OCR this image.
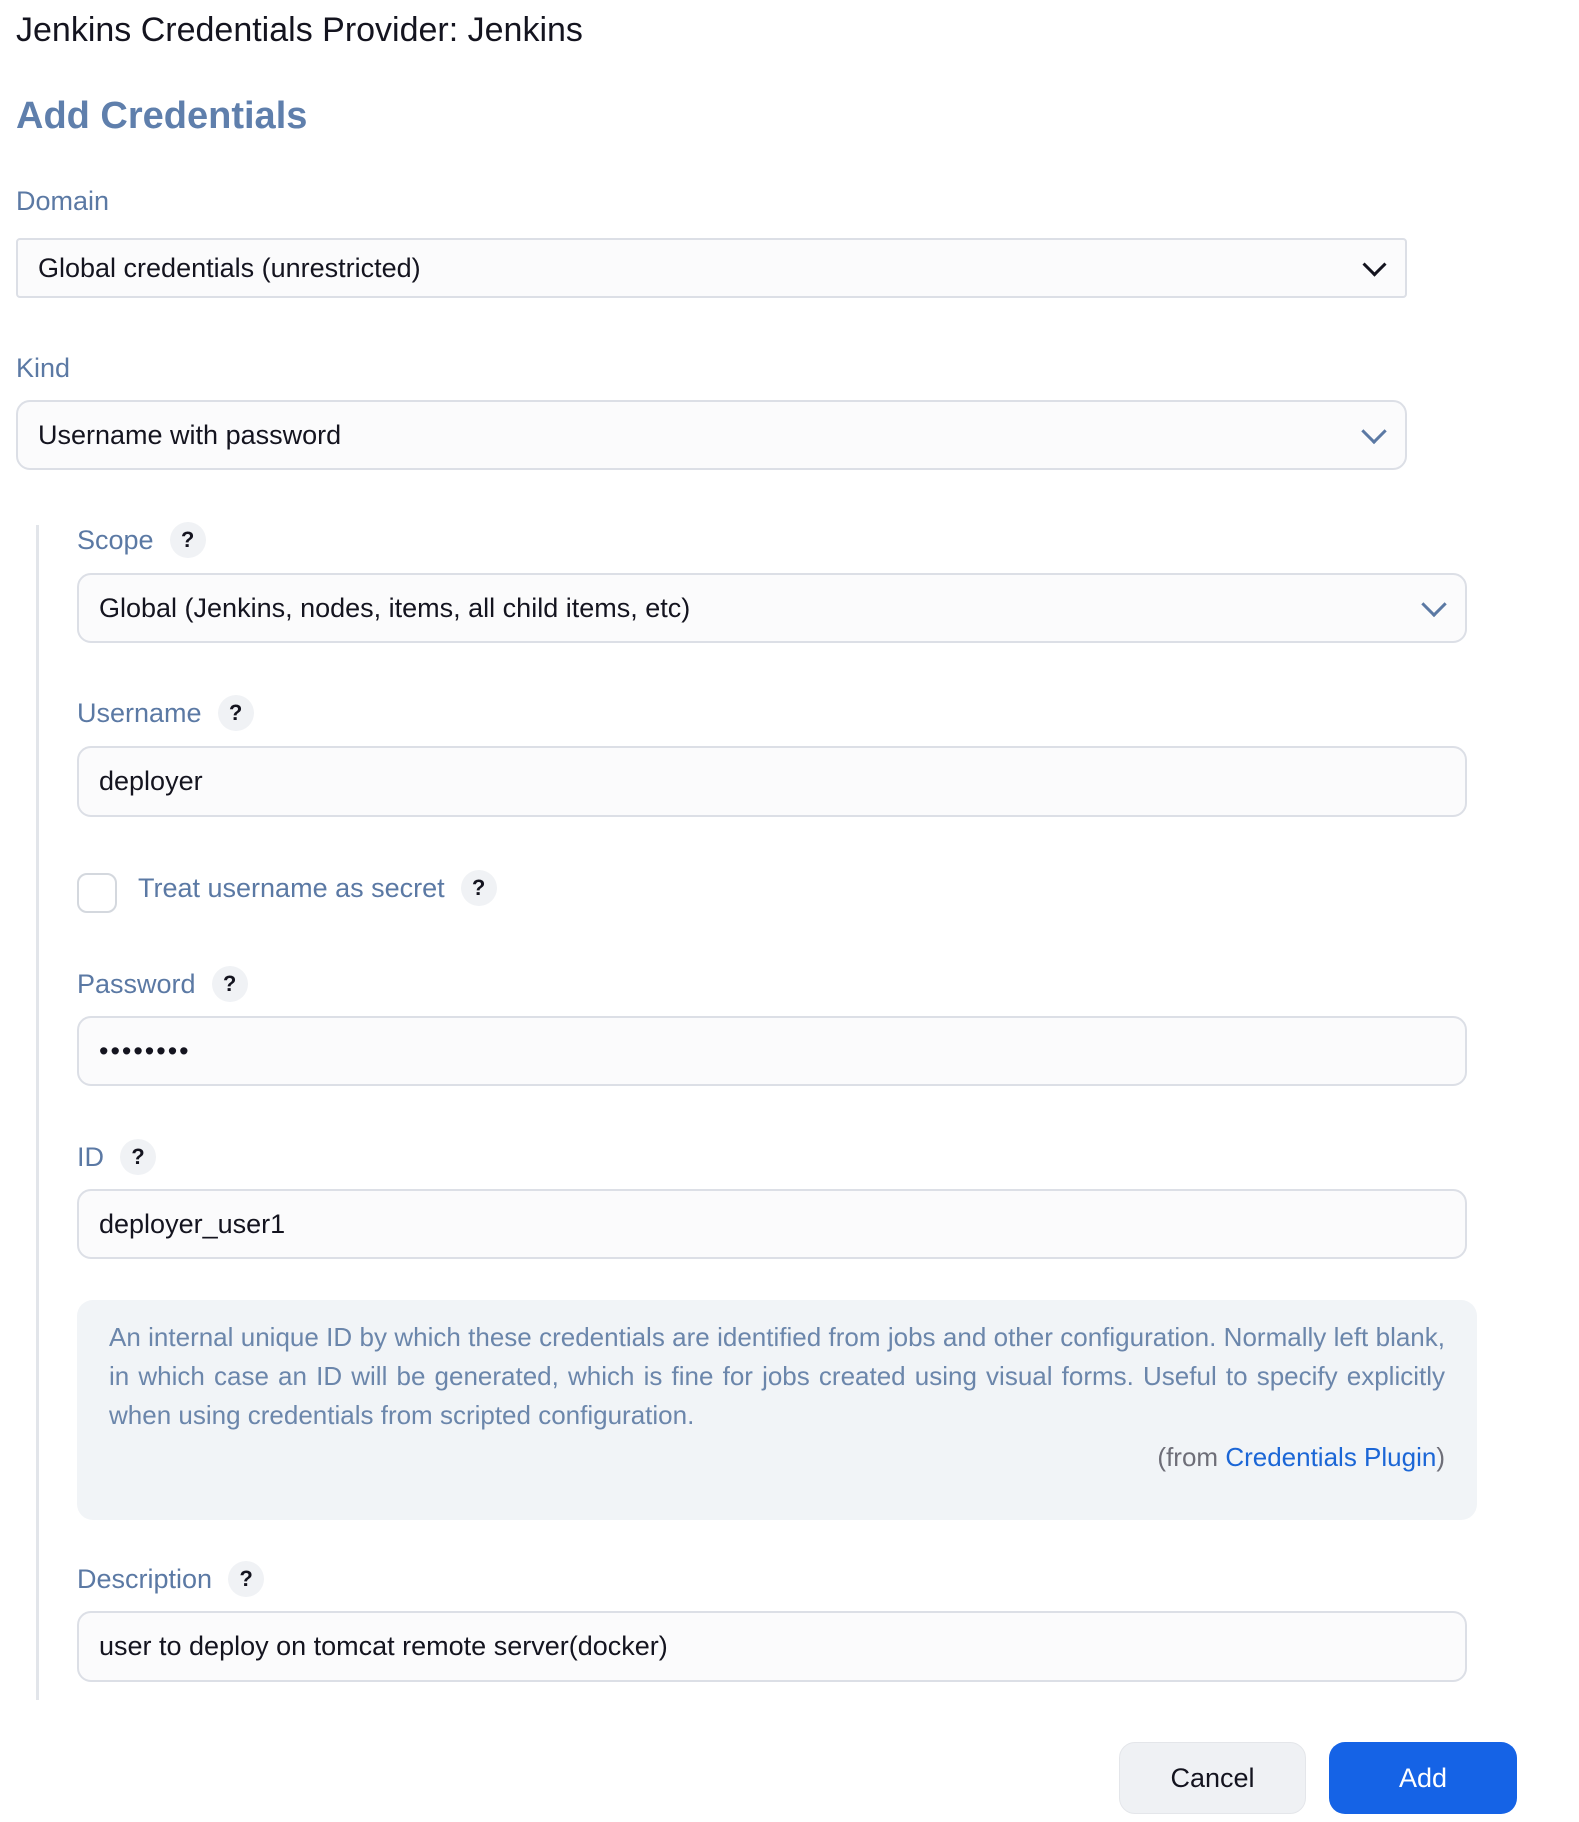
Jenkins Credentials Provider: Jenkins
Add Credentials
Domain
Global credentials (unrestricted)
Kind
Username with password
Scope	?
Global (Jenkins, nodes, items, all child items, etc)
Username	?
deployer
Treat username as secret	?
Password	?
••••••••
ID	?
deployer_user1

An internal unique ID by which these credentials are identified from jobs and other configuration. Normally left blank, in which case an ID will be generated, which is fine for jobs created using visual forms. Useful to specify explicitly when using credentials from scripted configuration.

(from Credentials Plugin)
Description	?
user to deploy on tomcat remote server(docker)
Cancel	Add
